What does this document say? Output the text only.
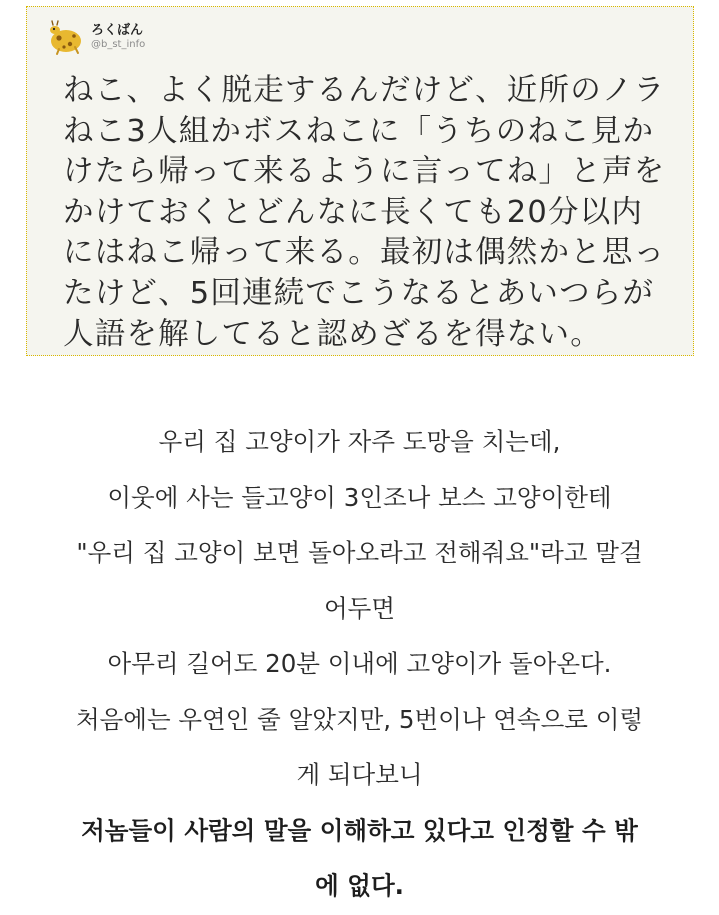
ろくばん
@b_st_info
ねこ、よく脱走するんだけど、近所のノラ
ねこ3人組かボスねこに「うちのねこ見か
けたら帰って来るように言ってね」と声を
かけておくとどんなに長くても20分以内
にはねこ帰って来る。最初は偶然かと思っ
たけど、5回連続でこうなるとあいつらが
人語を解してると認めざるを得ない。

우리 집 고양이가 자주 도망을 치는데,

이웃에 사는 들고양이 3인조나 보스 고양이한테

"우리 집 고양이 보면 돌아오라고 전해줘요"라고 말걸

어두면

아무리 길어도 20분 이내에 고양이가 돌아온다.

처음에는 우연인 줄 알았지만, 5번이나 연속으로 이렇

게 되다보니

저놈들이 사람의 말을 이해하고 있다고 인정할 수 밖

에 없다.
